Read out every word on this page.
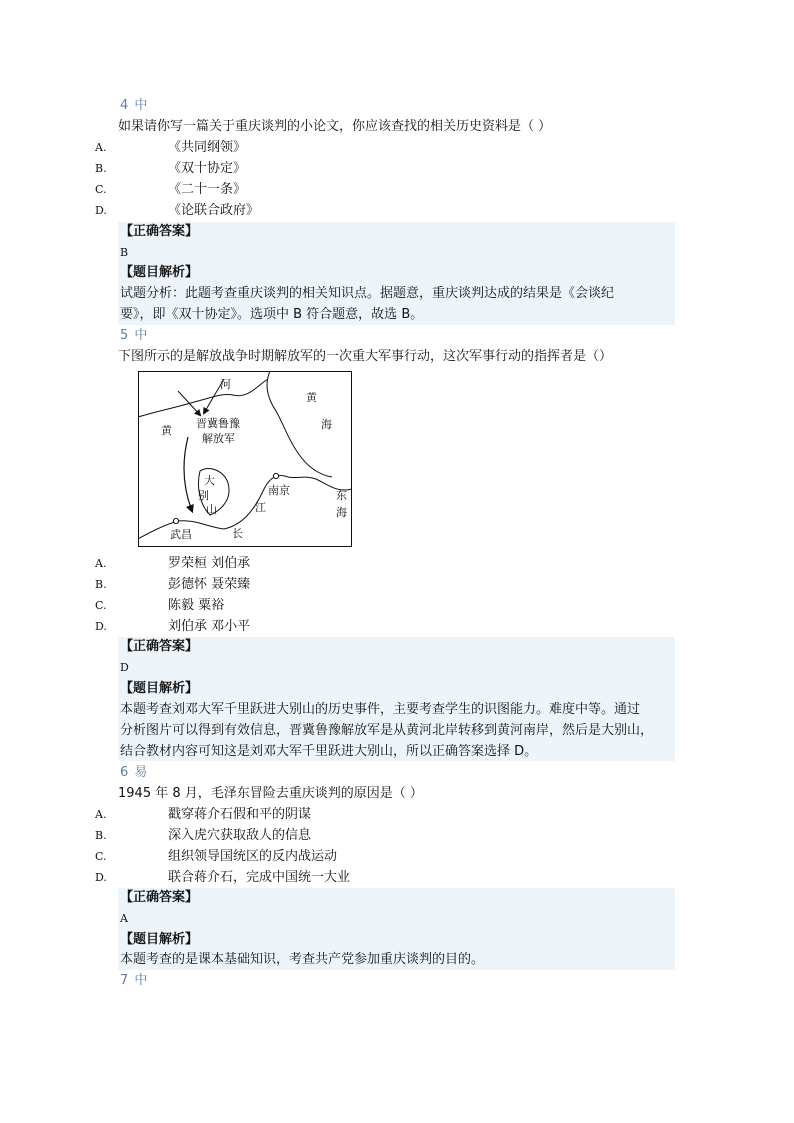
4 中
如果请你写一篇关于重庆谈判的小论文，你应该查找的相关历史资料是（ ）
A.	《共同纲领》
B.	《双十协定》
C.	《二十一条》
D.	《论联合政府》
【正确答案】
B
【题目解析】
试题分析：此题考查重庆谈判的相关知识点。据题意，重庆谈判达成的结果是《会谈纪
要》，即《双十协定》。选项中 B 符合题意，故选 B。
5 中
下图所示的是解放战争时期解放军的一次重大军事行动，这次军事行动的指挥者是（）
河
黄
黄
海
晋冀鲁豫
解放军
大
别
山
南京
江
东
海
武昌	长
A.	罗荣桓 刘伯承
B.	彭德怀 聂荣臻
C.	陈毅 粟裕
D.	刘伯承 邓小平
【正确答案】
D
【题目解析】
本题考查刘邓大军千里跃进大别山的历史事件，主要考查学生的识图能力。难度中等。通过
分析图片可以得到有效信息，晋冀鲁豫解放军是从黄河北岸转移到黄河南岸，然后是大别山，
结合教材内容可知这是刘邓大军千里跃进大别山，所以正确答案选择 D。
6 易
1945 年 8 月，毛泽东冒险去重庆谈判的原因是（ ）
A.	戳穿蒋介石假和平的阴谋
B.	深入虎穴获取敌人的信息
C.	组织领导国统区的反内战运动
D.	联合蒋介石，完成中国统一大业
【正确答案】
A
【题目解析】
本题考查的是课本基础知识，考查共产党参加重庆谈判的目的。
7 中
